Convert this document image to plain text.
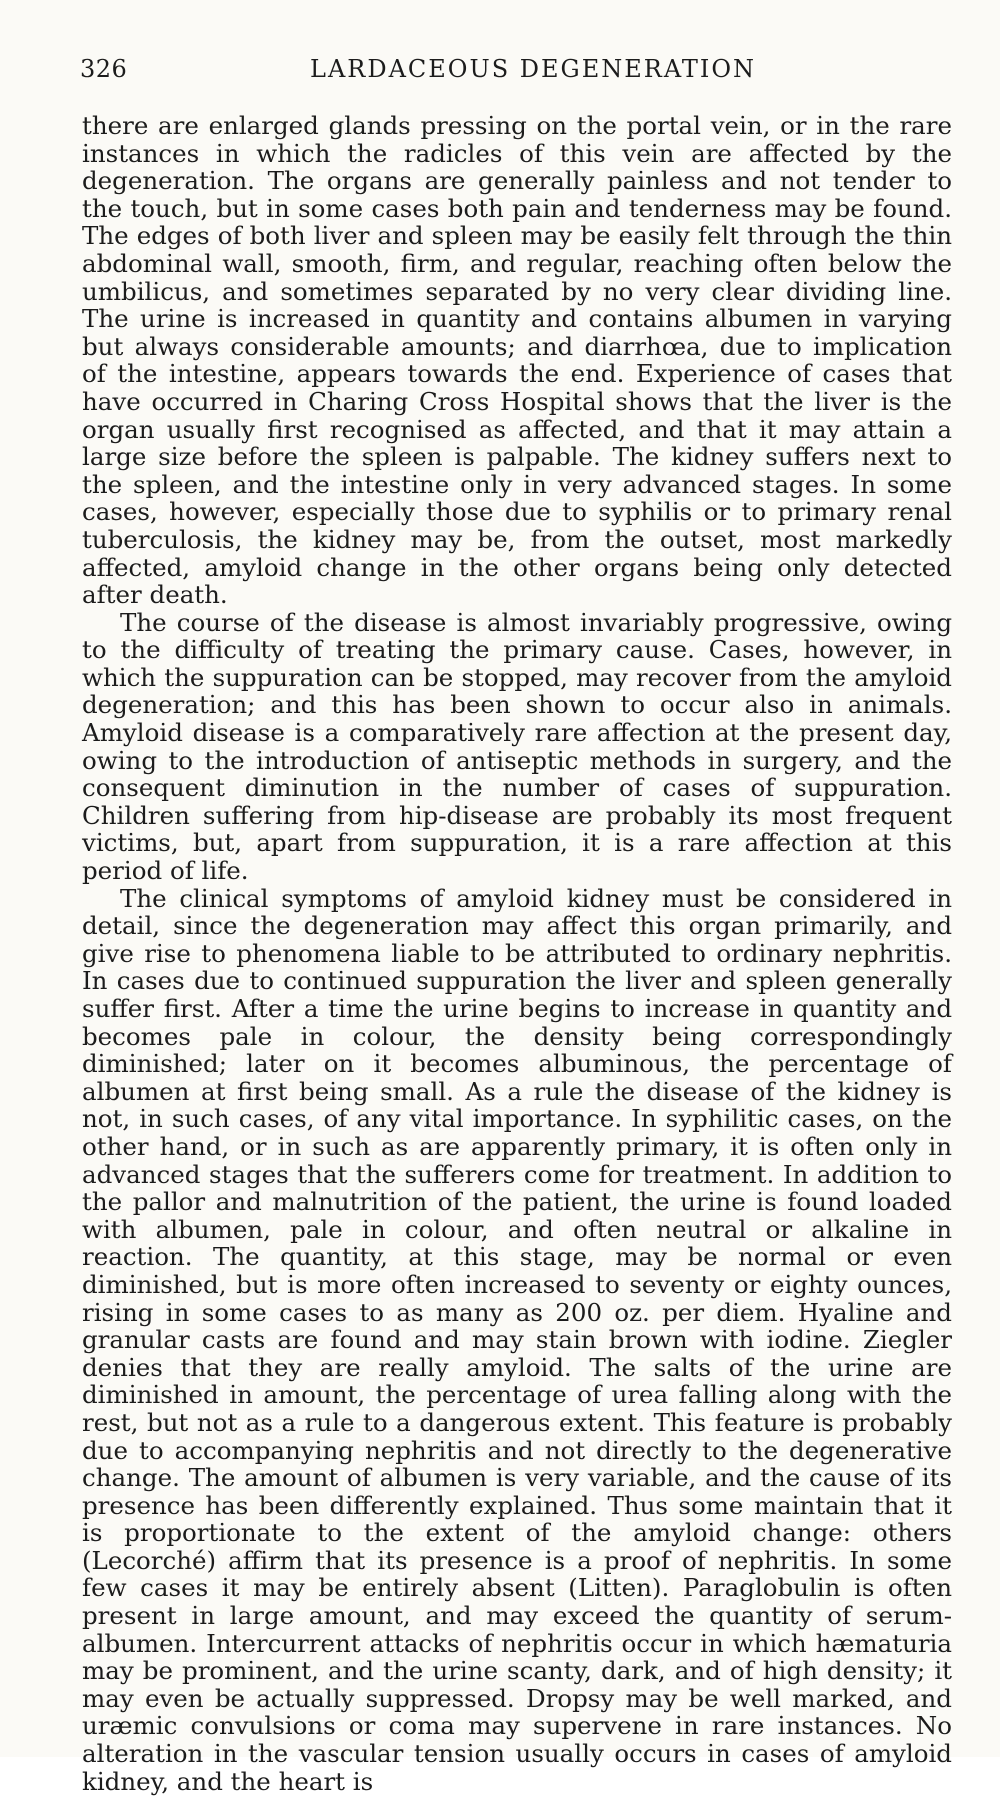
326	LARDACEOUS DEGENERATION

there are enlarged glands pressing on the portal vein, or in the rare instances in which the radicles of this vein are affected by the degeneration. The organs are generally painless and not tender to the touch, but in some cases both pain and tenderness may be found. The edges of both liver and spleen may be easily felt through the thin abdominal wall, smooth, firm, and regular, reaching often below the umbilicus, and sometimes separated by no very clear dividing line. The urine is increased in quantity and contains albumen in varying but always considerable amounts; and diarrhœa, due to implication of the intestine, appears towards the end. Experience of cases that have occurred in Charing Cross Hospital shows that the liver is the organ usually first recognised as affected, and that it may attain a large size before the spleen is palpable. The kidney suffers next to the spleen, and the intestine only in very advanced stages. In some cases, however, especially those due to syphilis or to primary renal tuberculosis, the kidney may be, from the outset, most markedly affected, amyloid change in the other organs being only detected after death.

The course of the disease is almost invariably progressive, owing to the difficulty of treating the primary cause. Cases, however, in which the suppuration can be stopped, may recover from the amyloid degeneration; and this has been shown to occur also in animals. Amyloid disease is a comparatively rare affection at the present day, owing to the introduction of antiseptic methods in surgery, and the consequent diminution in the number of cases of suppuration. Children suffering from hip-disease are probably its most frequent victims, but, apart from suppuration, it is a rare affection at this period of life.

The clinical symptoms of amyloid kidney must be considered in detail, since the degeneration may affect this organ primarily, and give rise to phenomena liable to be attributed to ordinary nephritis. In cases due to continued suppuration the liver and spleen generally suffer first. After a time the urine begins to increase in quantity and becomes pale in colour, the density being correspondingly diminished; later on it becomes albuminous, the percentage of albumen at first being small. As a rule the disease of the kidney is not, in such cases, of any vital importance. In syphilitic cases, on the other hand, or in such as are apparently primary, it is often only in advanced stages that the sufferers come for treatment. In addition to the pallor and malnutrition of the patient, the urine is found loaded with albumen, pale in colour, and often neutral or alkaline in reaction. The quantity, at this stage, may be normal or even diminished, but is more often increased to seventy or eighty ounces, rising in some cases to as many as 200 oz. per diem. Hyaline and granular casts are found and may stain brown with iodine. Ziegler denies that they are really amyloid. The salts of the urine are diminished in amount, the percentage of urea falling along with the rest, but not as a rule to a dangerous extent. This feature is probably due to accompanying nephritis and not directly to the degenerative change. The amount of albumen is very variable, and the cause of its presence has been differently explained. Thus some maintain that it is proportionate to the extent of the amyloid change: others (Lecorché) affirm that its presence is a proof of nephritis. In some few cases it may be entirely absent (Litten). Paraglobulin is often present in large amount, and may exceed the quantity of serum-albumen. Intercurrent attacks of nephritis occur in which hæmaturia may be prominent, and the urine scanty, dark, and of high density; it may even be actually suppressed. Dropsy may be well marked, and uræmic convulsions or coma may supervene in rare instances. No alteration in the vascular tension usually occurs in cases of amyloid kidney, and the heart is
